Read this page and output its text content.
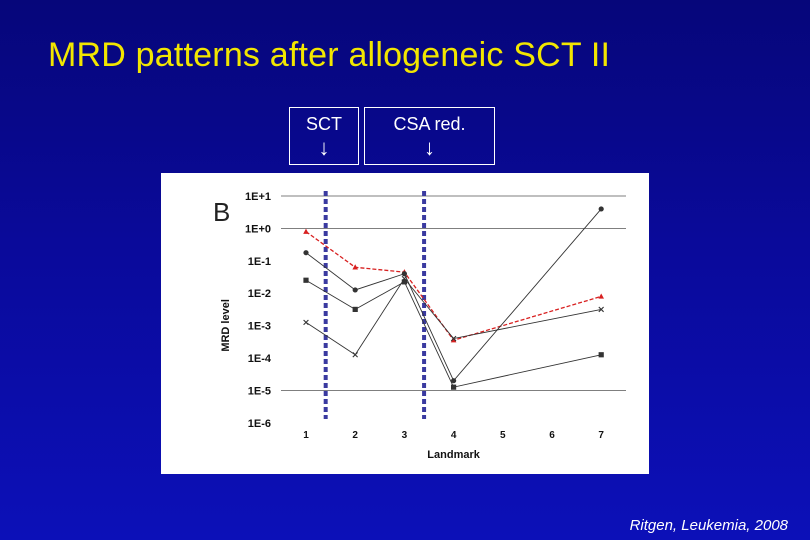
MRD patterns after allogeneic SCT II
SCT
↓
CSA red.
↓
B 1E+1
1E+0
1E-1
1E-2
1E-3
1E-4
1E-5
1E-6
MRD level
1	2	3	4	5	6	7
Landmark
Ritgen, Leukemia, 2008
